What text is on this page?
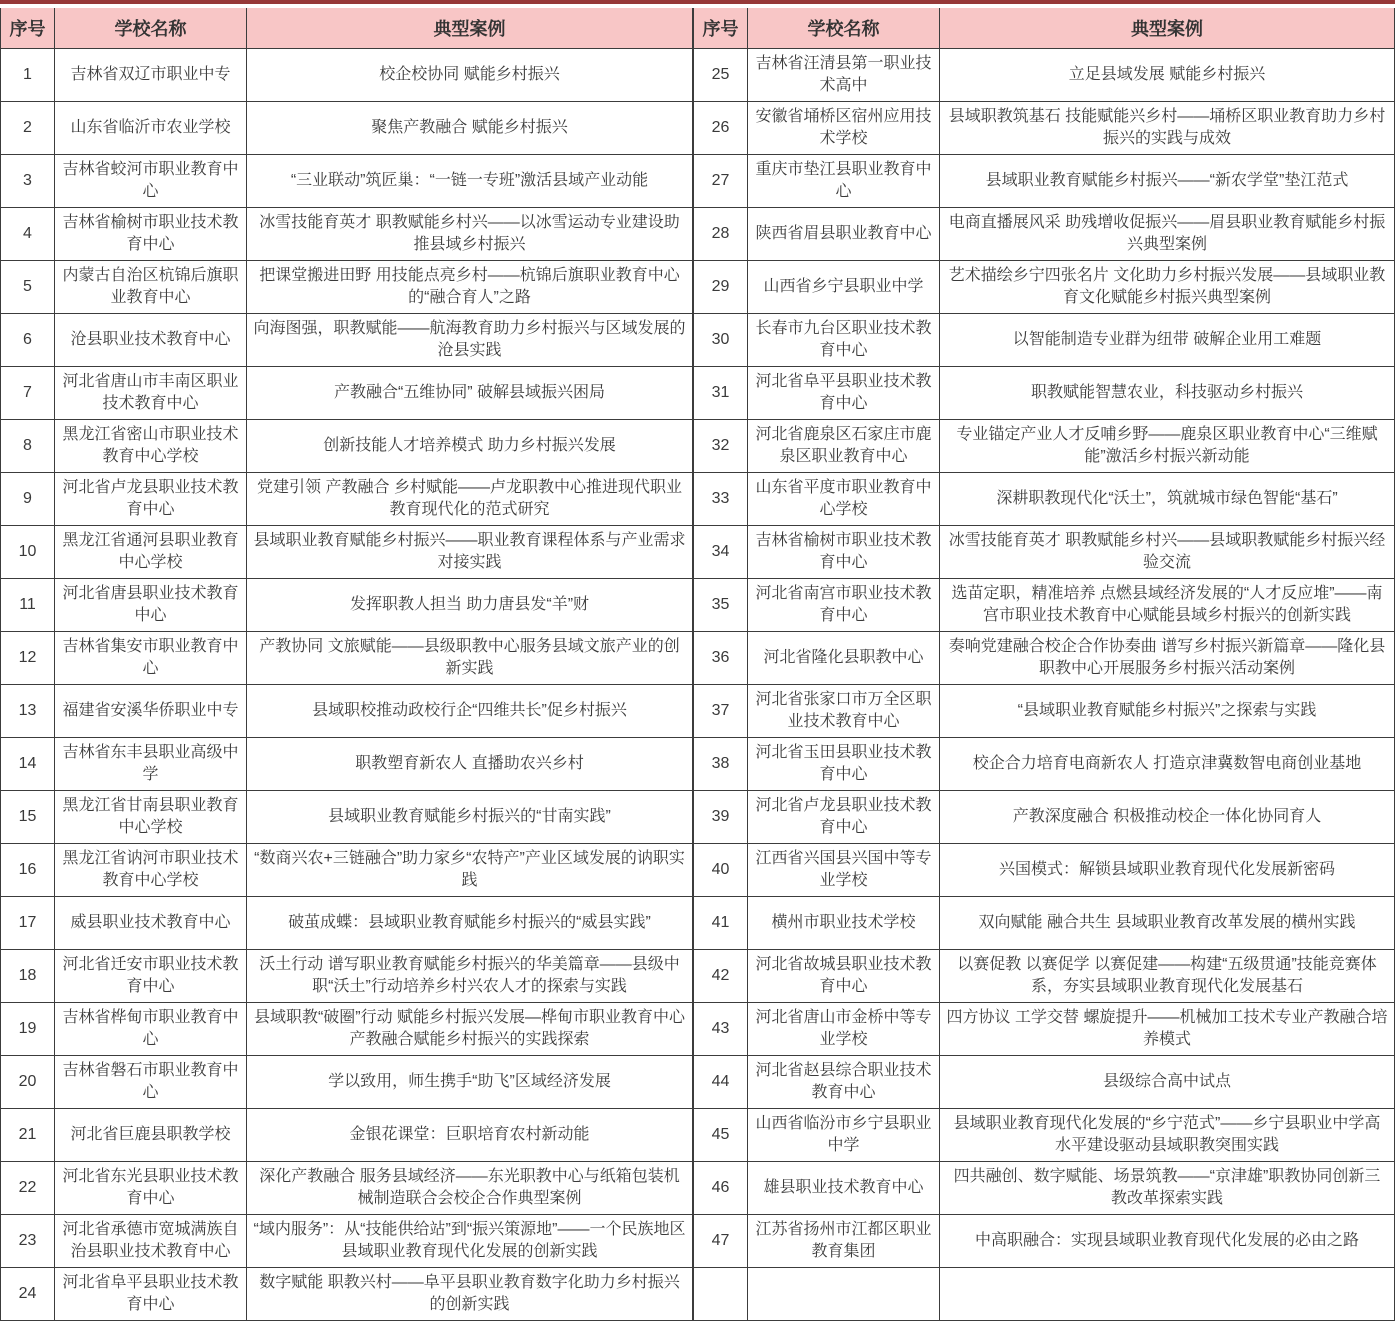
序号	学校名称	典型案例
1	吉林省双辽市职业中专	校企校协同 赋能乡村振兴
2	山东省临沂市农业学校	聚焦产教融合 赋能乡村振兴
3	吉林省蛟河市职业教育中心	“三业联动”筑匠巢：“一链一专班”激活县域产业动能
4	吉林省榆树市职业技术教育中心	冰雪技能育英才 职教赋能乡村兴——以冰雪运动专业建设助推县域乡村振兴
5	内蒙古自治区杭锦后旗职业教育中心	把课堂搬进田野 用技能点亮乡村——杭锦后旗职业教育中心的“融合育人”之路
6	沧县职业技术教育中心	向海图强，职教赋能——航海教育助力乡村振兴与区域发展的沧县实践
7	河北省唐山市丰南区职业技术教育中心	产教融合“五维协同” 破解县域振兴困局
8	黑龙江省密山市职业技术教育中心学校	创新技能人才培养模式 助力乡村振兴发展
9	河北省卢龙县职业技术教育中心	党建引领 产教融合 乡村赋能——卢龙职教中心推进现代职业教育现代化的范式研究
10	黑龙江省通河县职业教育中心学校	县域职业教育赋能乡村振兴——职业教育课程体系与产业需求对接实践
11	河北省唐县职业技术教育中心	发挥职教人担当 助力唐县发“羊”财
12	吉林省集安市职业教育中心	产教协同 文旅赋能——县级职教中心服务县域文旅产业的创新实践
13	福建省安溪华侨职业中专	县域职校推动政校行企“四维共长”促乡村振兴
14	吉林省东丰县职业高级中学	职教塑育新农人 直播助农兴乡村
15	黑龙江省甘南县职业教育中心学校	县域职业教育赋能乡村振兴的“甘南实践”
16	黑龙江省讷河市职业技术教育中心学校	“数商兴农+三链融合”助力家乡“农特产”产业区域发展的讷职实践
17	威县职业技术教育中心	破茧成蝶：县域职业教育赋能乡村振兴的“威县实践”
18	河北省迁安市职业技术教育中心	沃土行动 谱写职业教育赋能乡村振兴的华美篇章——县级中职“沃土”行动培养乡村兴农人才的探索与实践
19	吉林省桦甸市职业教育中心	县域职教“破圈”行动 赋能乡村振兴发展—桦甸市职业教育中心产教融合赋能乡村振兴的实践探索
20	吉林省磐石市职业教育中心	学以致用，师生携手“助飞”区域经济发展
21	河北省巨鹿县职教学校	金银花课堂：巨职培育农村新动能
22	河北省东光县职业技术教育中心	深化产教融合 服务县域经济——东光职教中心与纸箱包装机械制造联合会校企合作典型案例
23	河北省承德市宽城满族自治县职业技术教育中心	“域内服务”：从“技能供给站”到“振兴策源地”——一个民族地区县域职业教育现代化发展的创新实践
24	河北省阜平县职业技术教育中心	数字赋能 职教兴村——阜平县职业教育数字化助力乡村振兴的创新实践
序号	学校名称	典型案例
25	吉林省汪清县第一职业技术高中	立足县域发展 赋能乡村振兴
26	安徽省埇桥区宿州应用技术学校	县域职教筑基石 技能赋能兴乡村——埇桥区职业教育助力乡村振兴的实践与成效
27	重庆市垫江县职业教育中心	县域职业教育赋能乡村振兴——“新农学堂”垫江范式
28	陕西省眉县职业教育中心	电商直播展风采 助残增收促振兴——眉县职业教育赋能乡村振兴典型案例
29	山西省乡宁县职业中学	艺术描绘乡宁四张名片 文化助力乡村振兴发展——县域职业教育文化赋能乡村振兴典型案例
30	长春市九台区职业技术教育中心	以智能制造专业群为纽带 破解企业用工难题
31	河北省阜平县职业技术教育中心	职教赋能智慧农业，科技驱动乡村振兴
32	河北省鹿泉区石家庄市鹿泉区职业教育中心	专业锚定产业人才反哺乡野——鹿泉区职业教育中心“三维赋能”激活乡村振兴新动能
33	山东省平度市职业教育中心学校	深耕职教现代化“沃土”，筑就城市绿色智能“基石”
34	吉林省榆树市职业技术教育中心	冰雪技能育英才 职教赋能乡村兴——县域职教赋能乡村振兴经验交流
35	河北省南宫市职业技术教育中心	选苗定职，精准培养 点燃县域经济发展的“人才反应堆”——南宫市职业技术教育中心赋能县域乡村振兴的创新实践
36	河北省隆化县职教中心	奏响党建融合校企合作协奏曲 谱写乡村振兴新篇章——隆化县职教中心开展服务乡村振兴活动案例
37	河北省张家口市万全区职业技术教育中心	“县域职业教育赋能乡村振兴”之探索与实践
38	河北省玉田县职业技术教育中心	校企合力培育电商新农人 打造京津冀数智电商创业基地
39	河北省卢龙县职业技术教育中心	产教深度融合 积极推动校企一体化协同育人
40	江西省兴国县兴国中等专业学校	兴国模式：解锁县域职业教育现代化发展新密码
41	横州市职业技术学校	双向赋能 融合共生 县域职业教育改革发展的横州实践
42	河北省故城县职业技术教育中心	以赛促教 以赛促学 以赛促建——构建“五级贯通”技能竞赛体系，夯实县域职业教育现代化发展基石
43	河北省唐山市金桥中等专业学校	四方协议 工学交替 螺旋提升——机械加工技术专业产教融合培养模式
44	河北省赵县综合职业技术教育中心	县级综合高中试点
45	山西省临汾市乡宁县职业中学	县域职业教育现代化发展的“乡宁范式”——乡宁县职业中学高水平建设驱动县域职教突围实践
46	雄县职业技术教育中心	四共融创、数字赋能、场景筑教——“京津雄”职教协同创新三教改革探索实践
47	江苏省扬州市江都区职业教育集团	中高职融合：实现县域职业教育现代化发展的必由之路
